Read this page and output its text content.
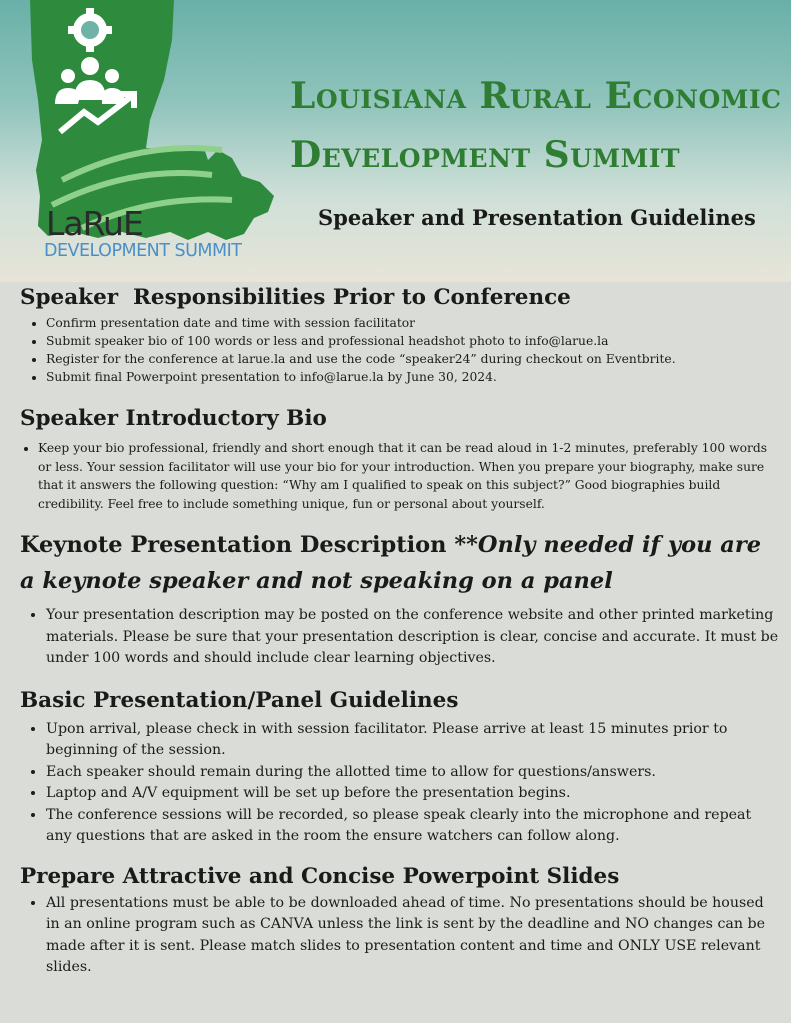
LaRuE
DEVELOPMENT SUMMIT
Louisiana Rural Economic
Development Summit
Speaker and Presentation Guidelines
Speaker  Responsibilities Prior to Conference
• Confirm presentation date and time with session facilitator
• Submit speaker bio of 100 words or less and professional headshot photo to info@larue.la
• Register for the conference at larue.la and use the code “speaker24” during checkout on Eventbrite.
• Submit final Powerpoint presentation to info@larue.la by June 30, 2024.
Speaker Introductory Bio
• Keep your bio professional, friendly and short enough that it can be read aloud in 1-2 minutes, preferably 100 words or less. Your session facilitator will use your bio for your introduction. When you prepare your biography, make sure that it answers the following question: “Why am I qualified to speak on this subject?” Good biographies build credibility. Feel free to include something unique, fun or personal about yourself.
Keynote Presentation Description **Only needed if you are a keynote speaker and not speaking on a panel
• Your presentation description may be posted on the conference website and other printed marketing materials. Please be sure that your presentation description is clear, concise and accurate. It must be under 100 words and should include clear learning objectives.
Basic Presentation/Panel Guidelines
• Upon arrival, please check in with session facilitator. Please arrive at least 15 minutes prior to beginning of the session.
• Each speaker should remain during the allotted time to allow for questions/answers.
• Laptop and A/V equipment will be set up before the presentation begins.
• The conference sessions will be recorded, so please speak clearly into the microphone and repeat any questions that are asked in the room the ensure watchers can follow along.
Prepare Attractive and Concise Powerpoint Slides
• All presentations must be able to be downloaded ahead of time. No presentations should be housed in an online program such as CANVA unless the link is sent by the deadline and NO changes can be made after it is sent. Please match slides to presentation content and time and ONLY USE relevant slides.
